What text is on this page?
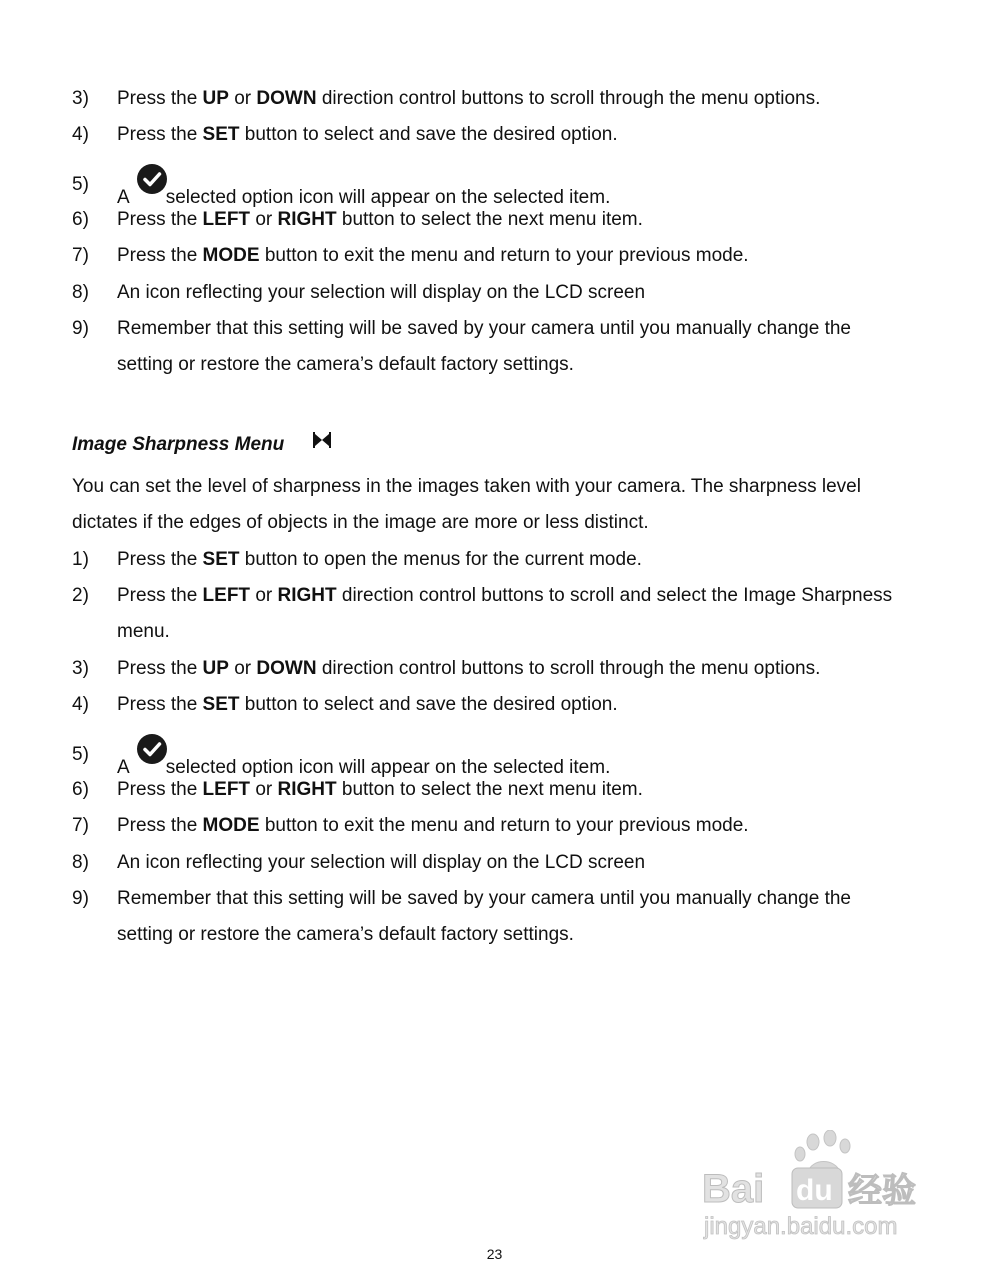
3) Press the UP or DOWN direction control buttons to scroll through the menu options.
4) Press the SET button to select and save the desired option.
5)
A selected option icon will appear on the selected item.
6) Press the LEFT or RIGHT button to select the next menu item.
7) Press the MODE button to exit the menu and return to your previous mode.
8) An icon reflecting your selection will display on the LCD screen
9) Remember that this setting will be saved by your camera until you manually change the
setting or restore the camera’s default factory settings.
Image Sharpness Menu
You can set the level of sharpness in the images taken with your camera. The sharpness level
dictates if the edges of objects in the image are more or less distinct.
1) Press the SET button to open the menus for the current mode.
2) Press the LEFT or RIGHT direction control buttons to scroll and select the Image Sharpness
menu.
3) Press the UP or DOWN direction control buttons to scroll through the menu options.
4) Press the SET button to select and save the desired option.
5)
A selected option icon will appear on the selected item.
6) Press the LEFT or RIGHT button to select the next menu item.
7) Press the MODE button to exit the menu and return to your previous mode.
8) An icon reflecting your selection will display on the LCD screen
9) Remember that this setting will be saved by your camera until you manually change the
setting or restore the camera’s default factory settings.
Bai du 经验
jingyan.baidu.com
23
